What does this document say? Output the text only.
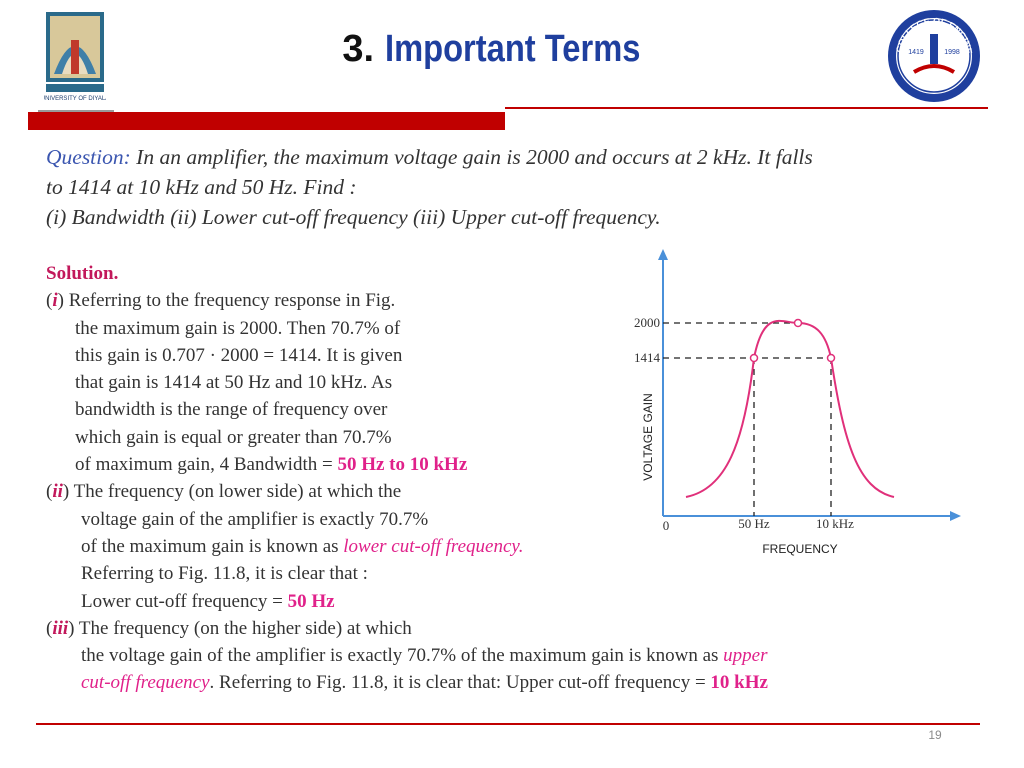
UNIVERSITY OF DIYALA
3. Important Terms	COLLEGE OF ENGINE
1419	1998
Question: In an amplifier, the maximum voltage gain is 2000 and occurs at 2 kHz. It falls
to 1414 at 10 kHz and 50 Hz. Find :
(i) Bandwidth (ii) Lower cut-off frequency (iii) Upper cut-off frequency.
Solution.
(i) Referring to the frequency response in Fig.
the maximum gain is 2000. Then 70.7% of
this gain is 0.707 · 2000 = 1414. It is given
that gain is 1414 at 50 Hz and 10 kHz. As
bandwidth is the range of frequency over
which gain is equal or greater than 70.7%
of maximum gain, 4 Bandwidth = 50 Hz to 10 kHz
(ii) The frequency (on lower side) at which the
voltage gain of the amplifier is exactly 70.7%
of the maximum gain is known as lower cut-off frequency.
Referring to Fig. 11.8, it is clear that :
Lower cut-off frequency = 50 Hz
(iii) The frequency (on the higher side) at which
the voltage gain of the amplifier is exactly 70.7% of the maximum gain is known as upper
cut-off frequency. Referring to Fig. 11.8, it is clear that: Upper cut-off frequency = 10 kHz
2000
1414
0	50 Hz	10 kHz
FREQUENCY
VOLTAGE GAIN
19
